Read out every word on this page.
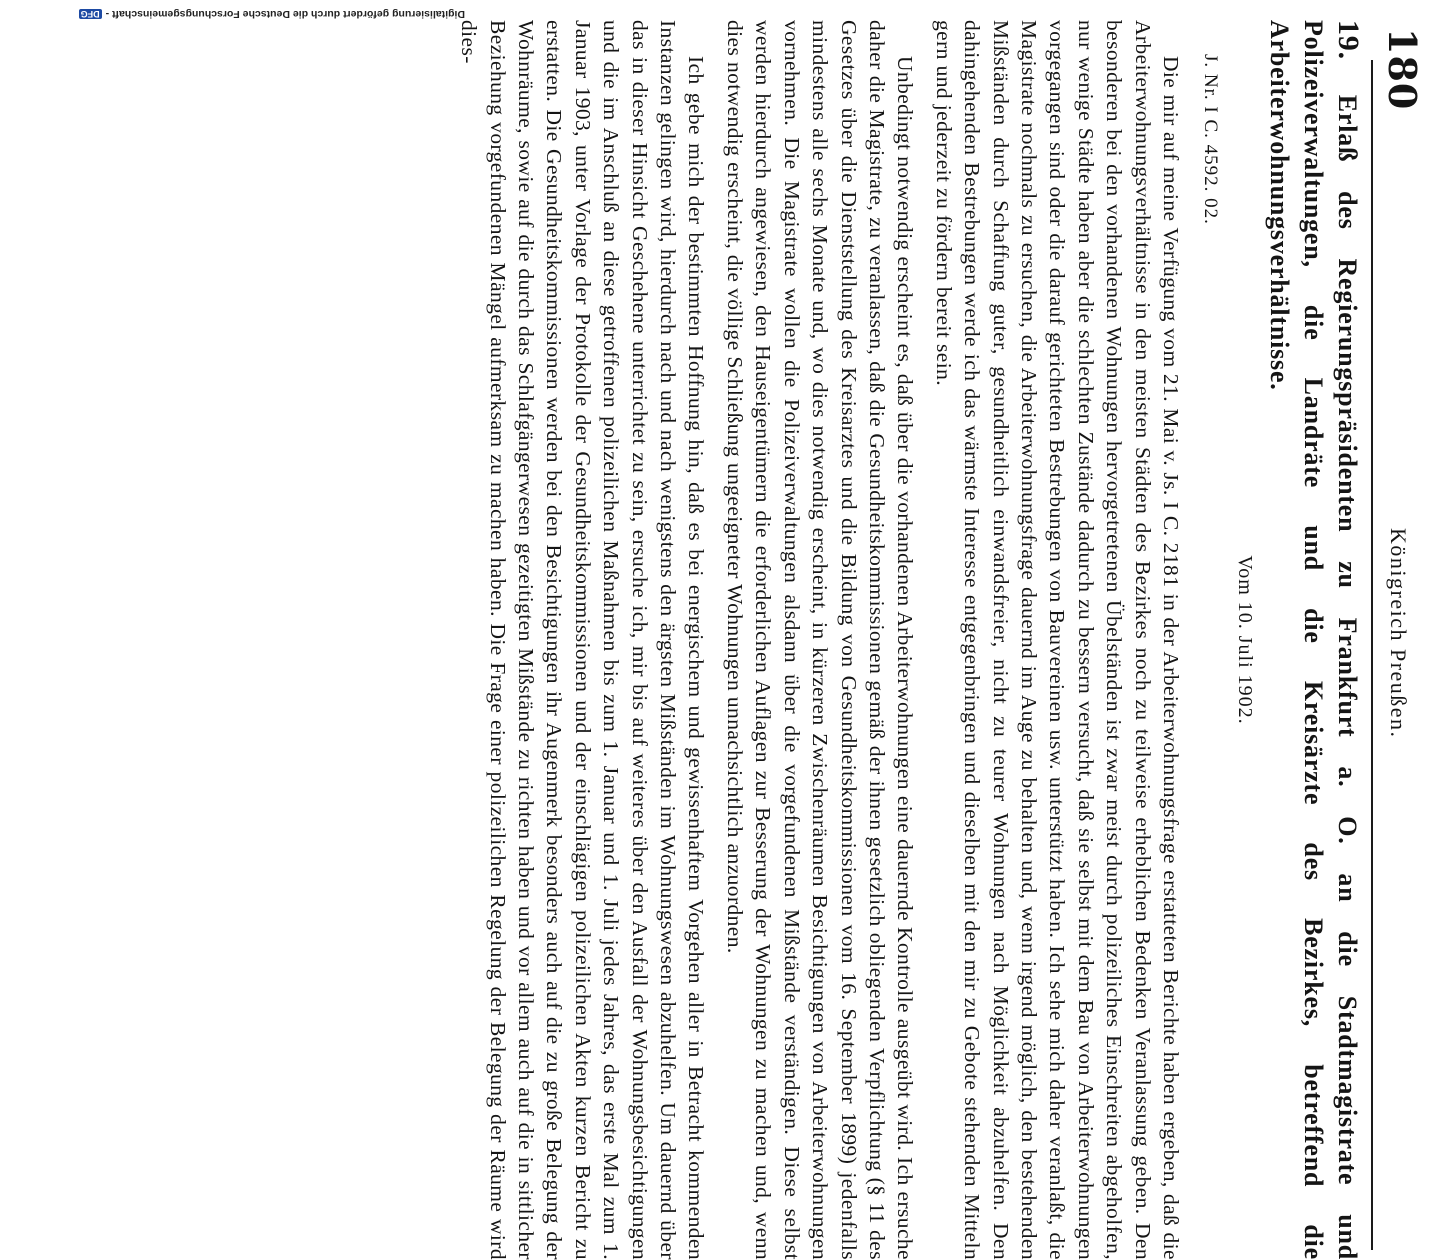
180
Königreich Preußen.

19. Erlaß des Regierungspräsidenten zu Frankfurt a. O. an die Stadtmagistrate und Polizeiverwaltungen, die Landräte und die Kreisärzte des Bezirkes, betreffend die Arbeiterwohnungsverhältnisse.

Vom 10. Juli 1902.
J. Nr. I C. 4592. 02.

Die mir auf meine Verfügung vom 21. Mai v. Js. I C. 2181 in der Arbeiterwohnungsfrage erstatteten Berichte haben ergeben, daß die Arbeiterwohnungsverhältnisse in den meisten Städten des Bezirkes noch zu teilweise erheblichen Bedenken Veranlassung geben. Den besonderen bei den vorhandenen Wohnungen hervorgetretenen Übelständen ist zwar meist durch polizeiliches Einschreiten abgeholfen, nur wenige Städte haben aber die schlechten Zustände dadurch zu bessern versucht, daß sie selbst mit dem Bau von Arbeiterwohnungen vorgegangen sind oder die darauf gerichteten Bestrebungen von Bauvereinen usw. unterstützt haben. Ich sehe mich daher veranlaßt, die Magistrate nochmals zu ersuchen, die Arbeiterwohnungsfrage dauernd im Auge zu behalten und, wenn irgend möglich, den bestehenden Mißständen durch Schaffung guter, gesundheitlich einwandsfreier, nicht zu teurer Wohnungen nach Möglichkeit abzuhelfen. Den dahingehenden Bestrebungen werde ich das wärmste Interesse entgegenbringen und dieselben mit den mir zu Gebote stehenden Mitteln gern und jederzeit zu fördern bereit sein.

Unbedingt notwendig erscheint es, daß über die vorhandenen Arbeiterwohnungen eine dauernde Kontrolle ausgeübt wird. Ich ersuche daher die Magistrate, zu veranlassen, daß die Gesundheitskommissionen gemäß der ihnen gesetzlich obliegenden Verpflichtung (§ 11 des Gesetzes über die Dienststellung des Kreisarztes und die Bildung von Gesundheitskommissionen vom 16. September 1899) jedenfalls mindestens alle sechs Monate und, wo dies notwendig erscheint, in kürzeren Zwischenräumen Besichtigungen von Arbeiterwohnungen vornehmen. Die Magistrate wollen die Polizeiverwaltungen alsdann über die vorgefundenen Mißstände verständigen. Diese selbst werden hierdurch angewiesen, den Hauseigentümern die erforderlichen Auflagen zur Besserung der Wohnungen zu machen und, wenn dies notwendig erscheint, die völlige Schließung ungeeigneter Wohnungen unnachsichtlich anzuordnen.

Ich gebe mich der bestimmten Hoffnung hin, daß es bei energischem und gewissenhaftem Vorgehen aller in Betracht kommenden Instanzen gelingen wird, hierdurch nach und nach wenigstens den ärgsten Mißständen im Wohnungswesen abzuhelfen. Um dauernd über das in dieser Hinsicht Geschehene unterrichtet zu sein, ersuche ich, mir bis auf weiteres über den Ausfall der Wohnungsbesichtigungen und die im Anschluß an diese getroffenen polizeilichen Maßnahmen bis zum 1. Januar und 1. Juli jedes Jahres, das erste Mal zum 1. Januar 1903, unter Vorlage der Protokolle der Gesundheitskommissionen und der einschlägigen polizeilichen Akten kurzen Bericht zu erstatten. Die Gesundheitskommissionen werden bei den Besichtigungen ihr Augenmerk besonders auch auf die zu große Belegung der Wohnräume, sowie auf die durch das Schlafgängerwesen gezeitigten Mißstände zu richten haben und vor allem auch auf die in sittlicher Beziehung vorgefundenen Mängel aufmerksam zu machen haben. Die Frage einer polizeilichen Regelung der Belegung der Räume wird dies-

Digitalisierung gefördert durch die Deutsche Forschungsgemeinschaft -DFG
